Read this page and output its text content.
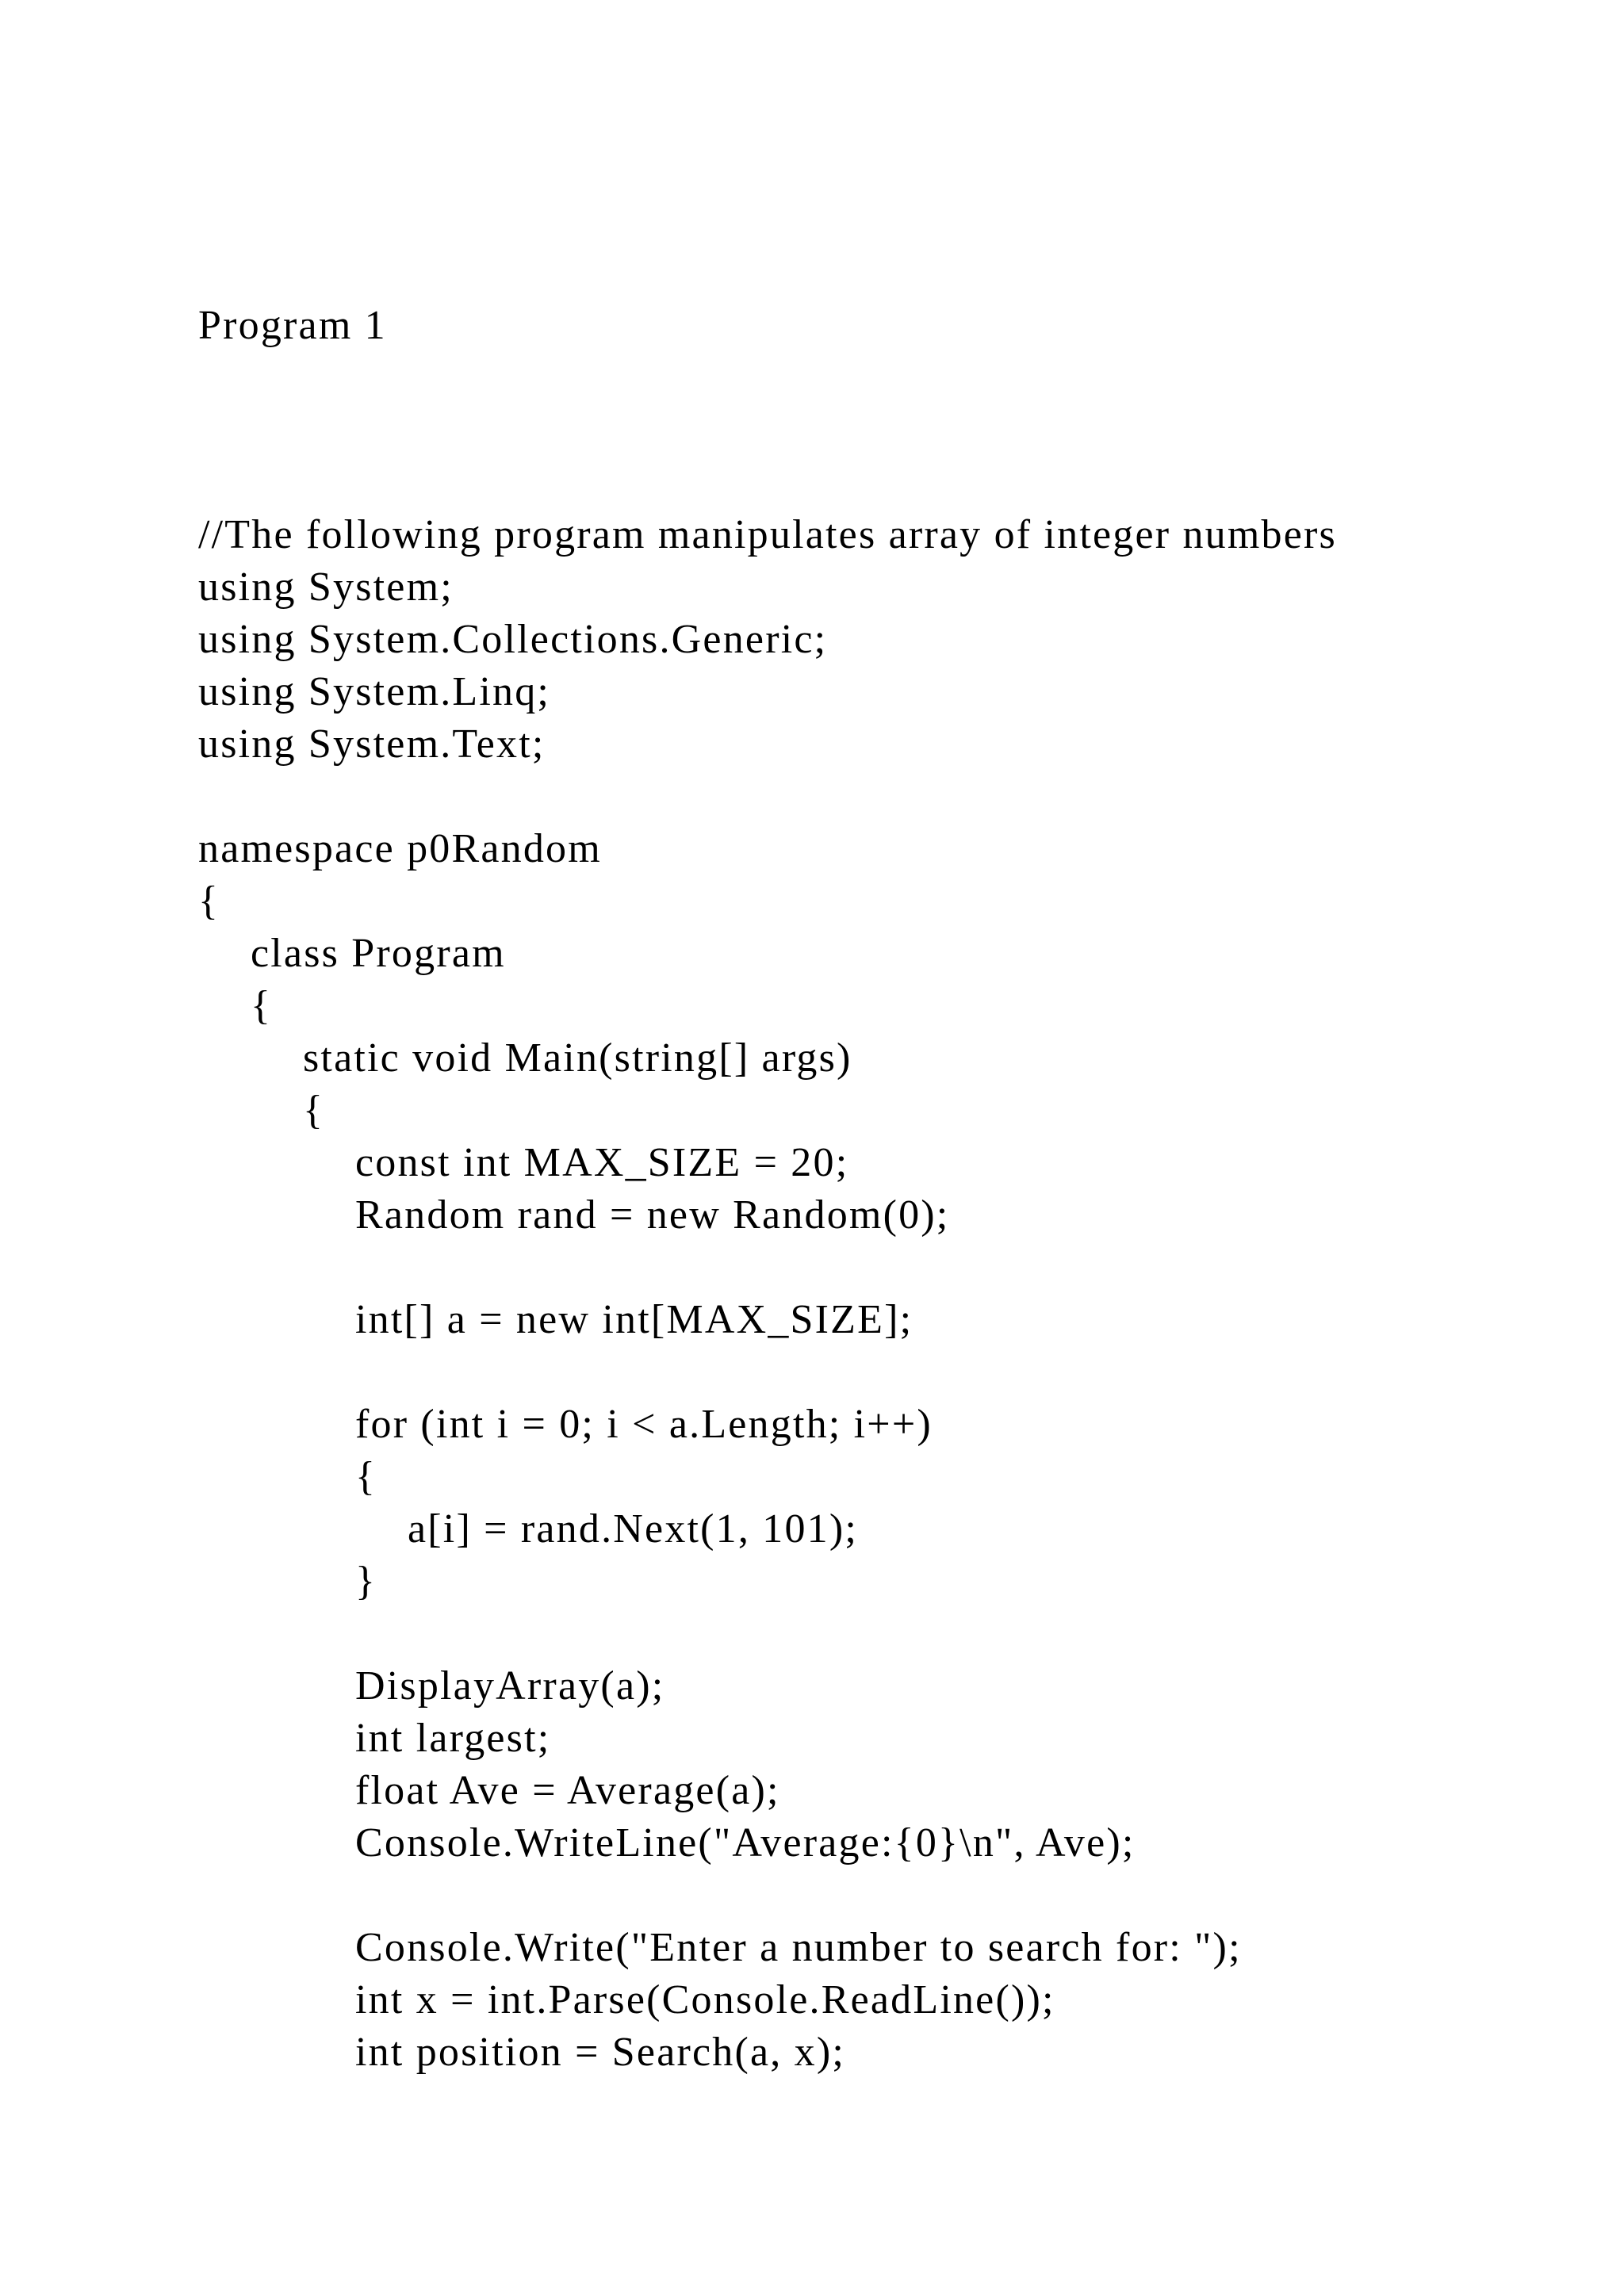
Program 1
//The following program manipulates array of integer numbers
using System;
using System.Collections.Generic;
using System.Linq;
using System.Text;
namespace p0Random
{
class Program
{
static void Main(string[] args)
{
const int MAX_SIZE = 20;
Random rand = new Random(0);
int[] a = new int[MAX_SIZE];
for (int i = 0; i < a.Length; i++)
{
a[i] = rand.Next(1, 101);
}
DisplayArray(a);
int largest;
float Ave = Average(a);
Console.WriteLine("Average:{0}\n", Ave);
Console.Write("Enter a number to search for: ");
int x = int.Parse(Console.ReadLine());
int position = Search(a, x);
